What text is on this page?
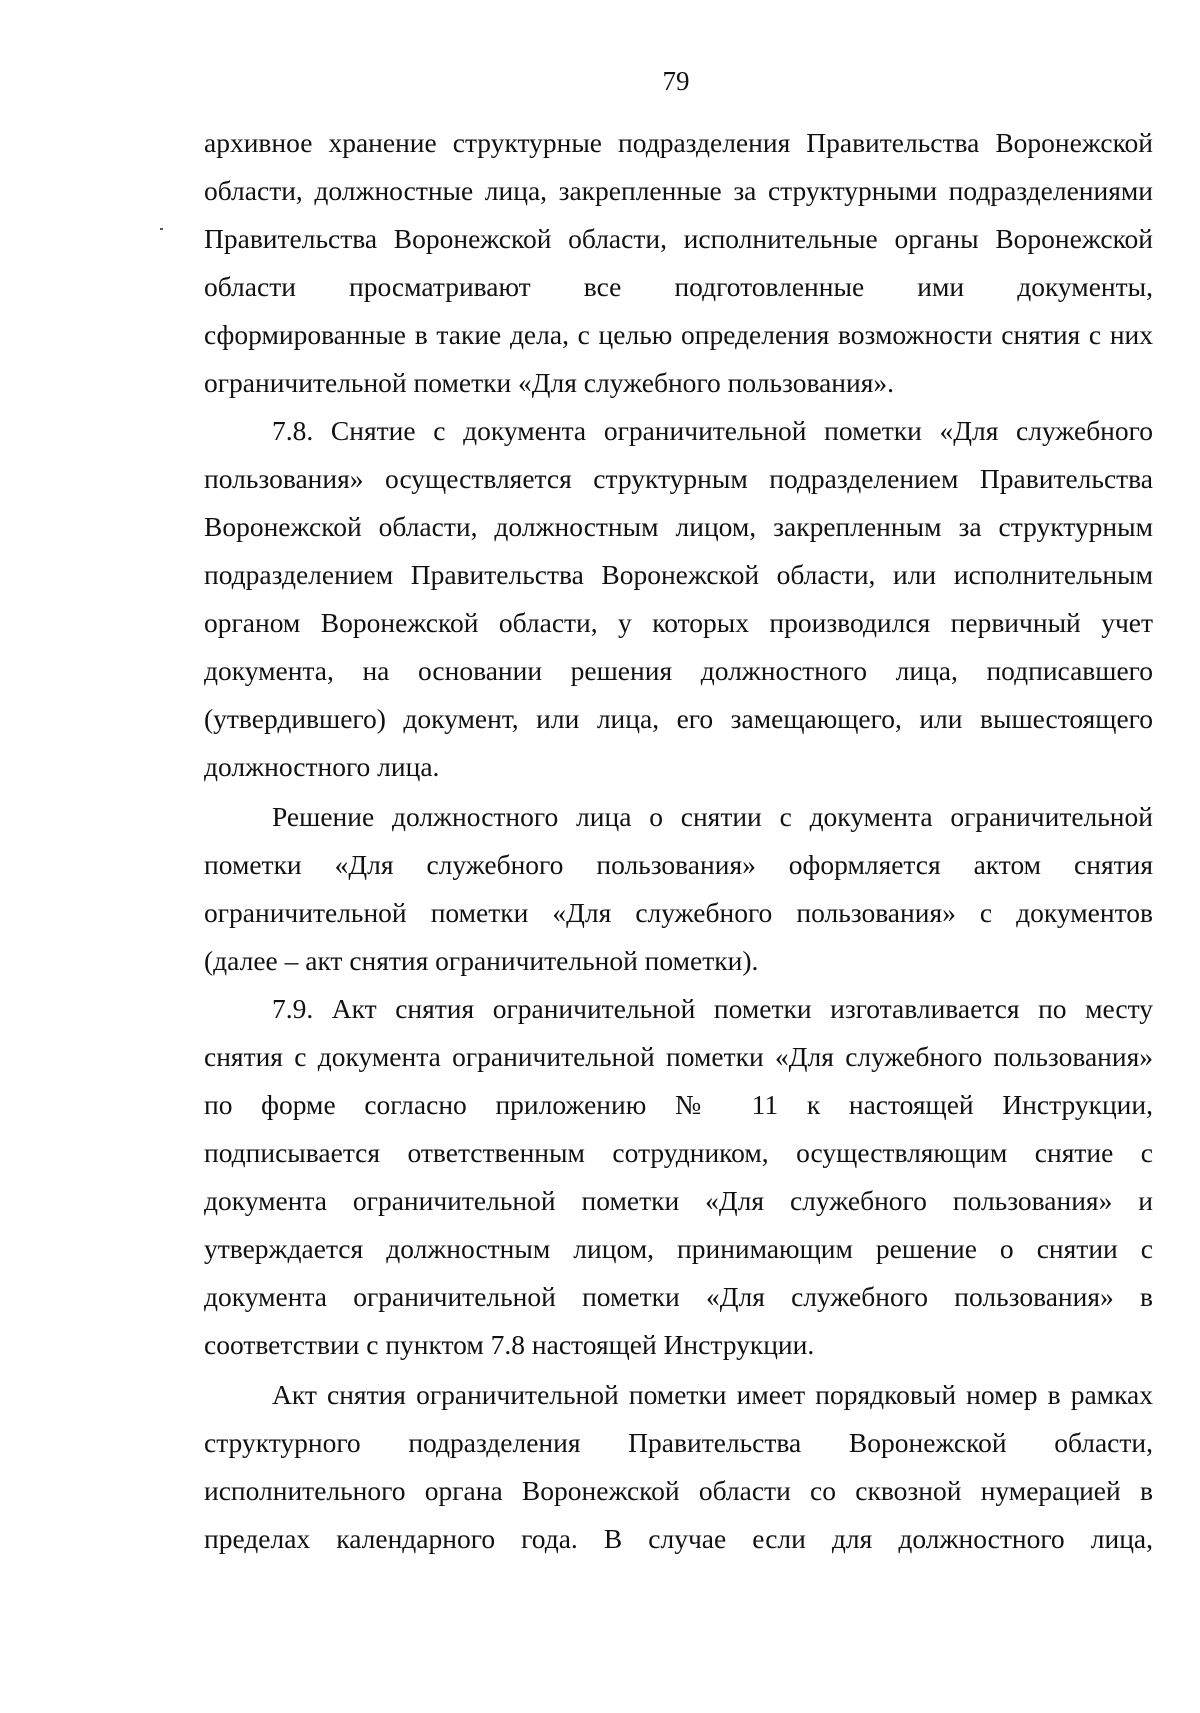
79
архивное хранение структурные подразделения Правительства Воронежской
области, должностные лица, закрепленные за структурными подразделениями
Правительства Воронежской области, исполнительные органы Воронежской
области просматривают все подготовленные ими документы,
сформированные в такие дела, с целью определения возможности снятия с них
ограничительной пометки «Для служебного пользования».
7.8. Снятие с документа ограничительной пометки «Для служебного
пользования» осуществляется структурным подразделением Правительства
Воронежской области, должностным лицом, закрепленным за структурным
подразделением Правительства Воронежской области, или исполнительным
органом Воронежской области, у которых производился первичный учет
документа, на основании решения должностного лица, подписавшего
(утвердившего) документ, или лица, его замещающего, или вышестоящего
должностного лица.
Решение должностного лица о снятии с документа ограничительной
пометки «Для служебного пользования» оформляется актом снятия
ограничительной пометки «Для служебного пользования» с документов
(далее – акт снятия ограничительной пометки).
7.9. Акт снятия ограничительной пометки изготавливается по месту
снятия с документа ограничительной пометки «Для служебного пользования»
по форме согласно приложению № 11 к настоящей Инструкции,
подписывается ответственным сотрудником, осуществляющим снятие с
документа ограничительной пометки «Для служебного пользования» и
утверждается должностным лицом, принимающим решение о снятии с
документа ограничительной пометки «Для служебного пользования» в
соответствии с пунктом 7.8 настоящей Инструкции.
Акт снятия ограничительной пометки имеет порядковый номер в рамках
структурного подразделения Правительства Воронежской области,
исполнительного органа Воронежской области со сквозной нумерацией в
пределах календарного года. В случае если для должностного лица,
